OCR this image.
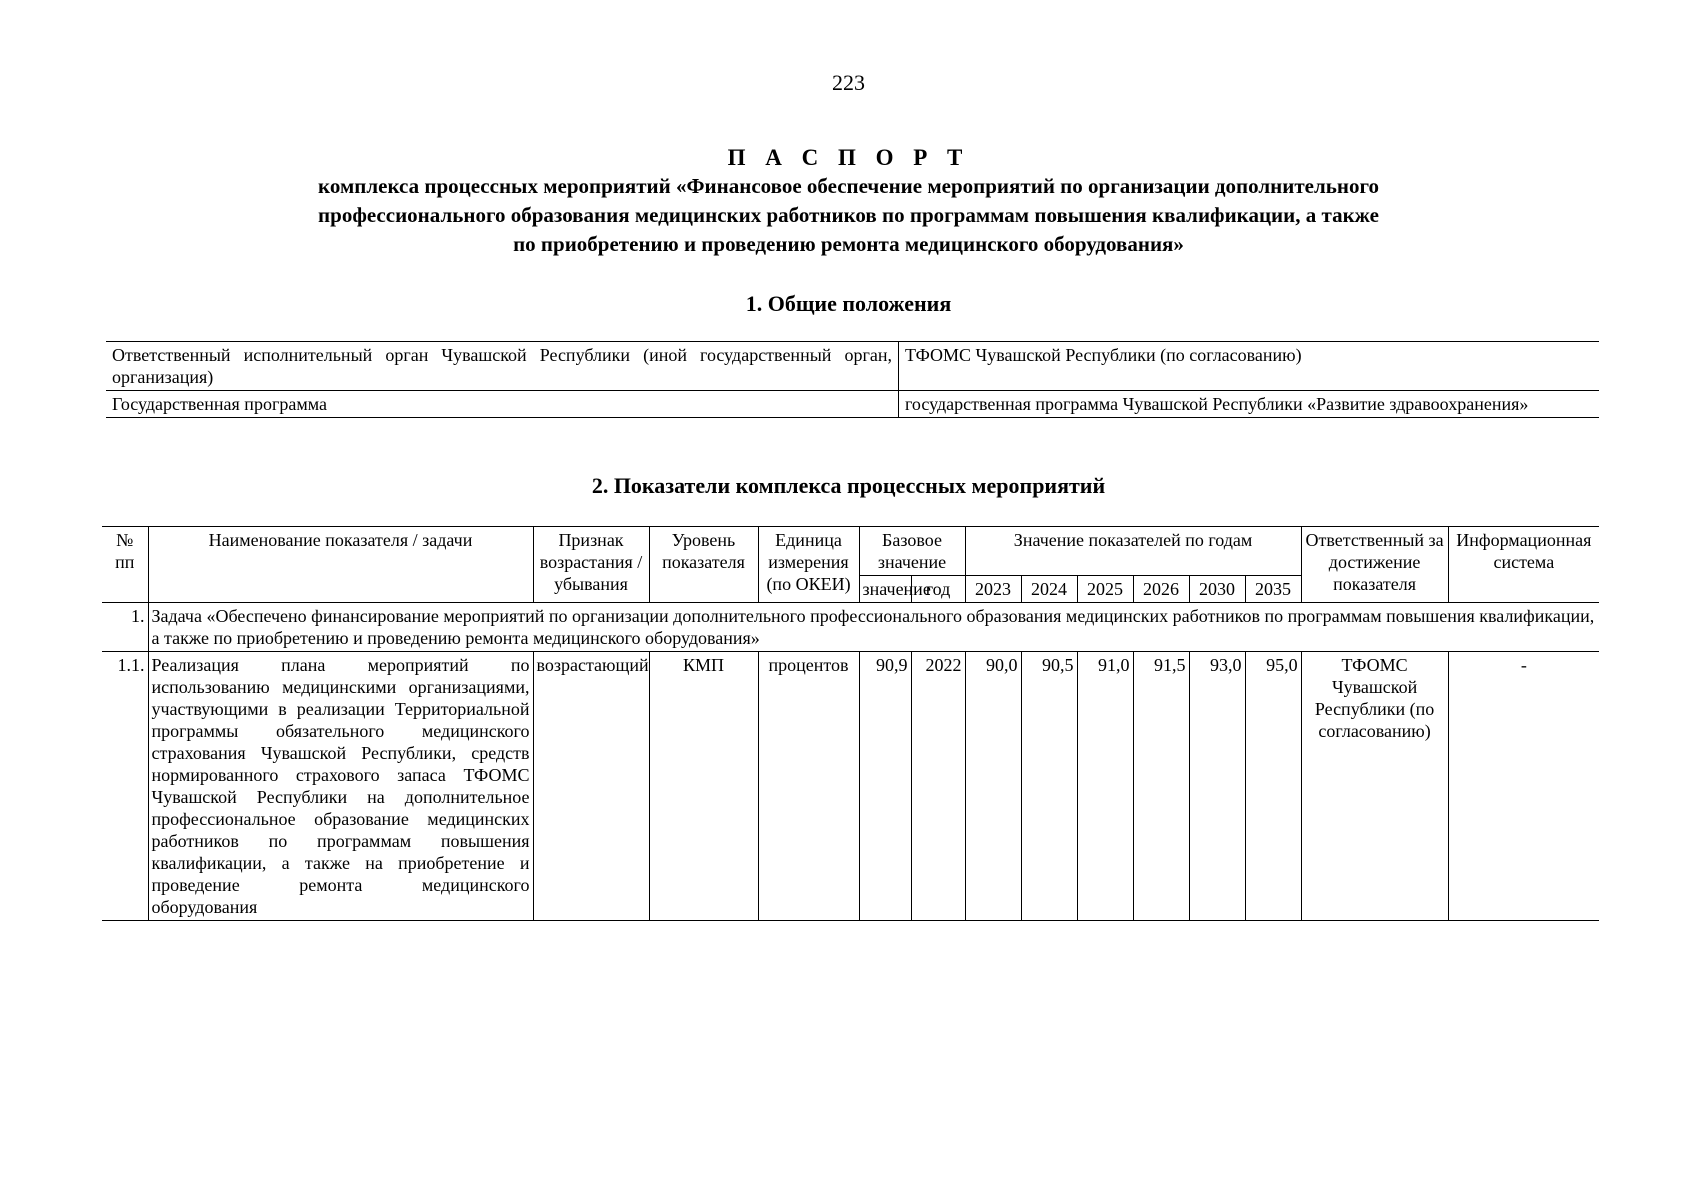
223
П А С П О Р Т
комплекса процессных мероприятий «Финансовое обеспечение мероприятий по организации дополнительного
профессионального образования медицинских работников по программам повышения квалификации, а также
по приобретению и проведению ремонта медицинского оборудования»
1. Общие положения
Ответственный исполнительный орган Чувашской Республики (иной государственный орган, организация)	ТФОМС Чувашской Республики (по согласованию)
Государственная программа	государственная программа Чувашской Республики «Развитие здравоохранения»
2. Показатели комплекса процессных мероприятий
№ пп	Наименование показателя / задачи	Признак возрастания / убывания	Уровень показателя	Единица измерения (по ОКЕИ)	Базовое значение		Значение показателей по годам						Ответственный за достижение показателя	Информационная система
					значение	год	2023	2024	2025	2026	2030	2035		
1.	Задача «Обеспечено финансирование мероприятий по организации дополнительного профессионального образования медицинских работников по программам повышения квалификации, а также по приобретению и проведению ремонта медицинского оборудования»													
1.1.	Реализация плана мероприятий по использованию медицинскими организациями, участвующими в реализации Территориальной программы обязательного медицинского страхования Чувашской Республики, средств нормированного страхового запаса ТФОМС Чувашской Республики на дополнительное профессиональное образование медицинских работников по программам повышения квалификации, а также на приобретение и проведение ремонта медицинского оборудования	возрастающий	КМП	процентов	90,9	2022	90,0	90,5	91,0	91,5	93,0	95,0	ТФОМС Чувашской Республики (по согласованию)	-
